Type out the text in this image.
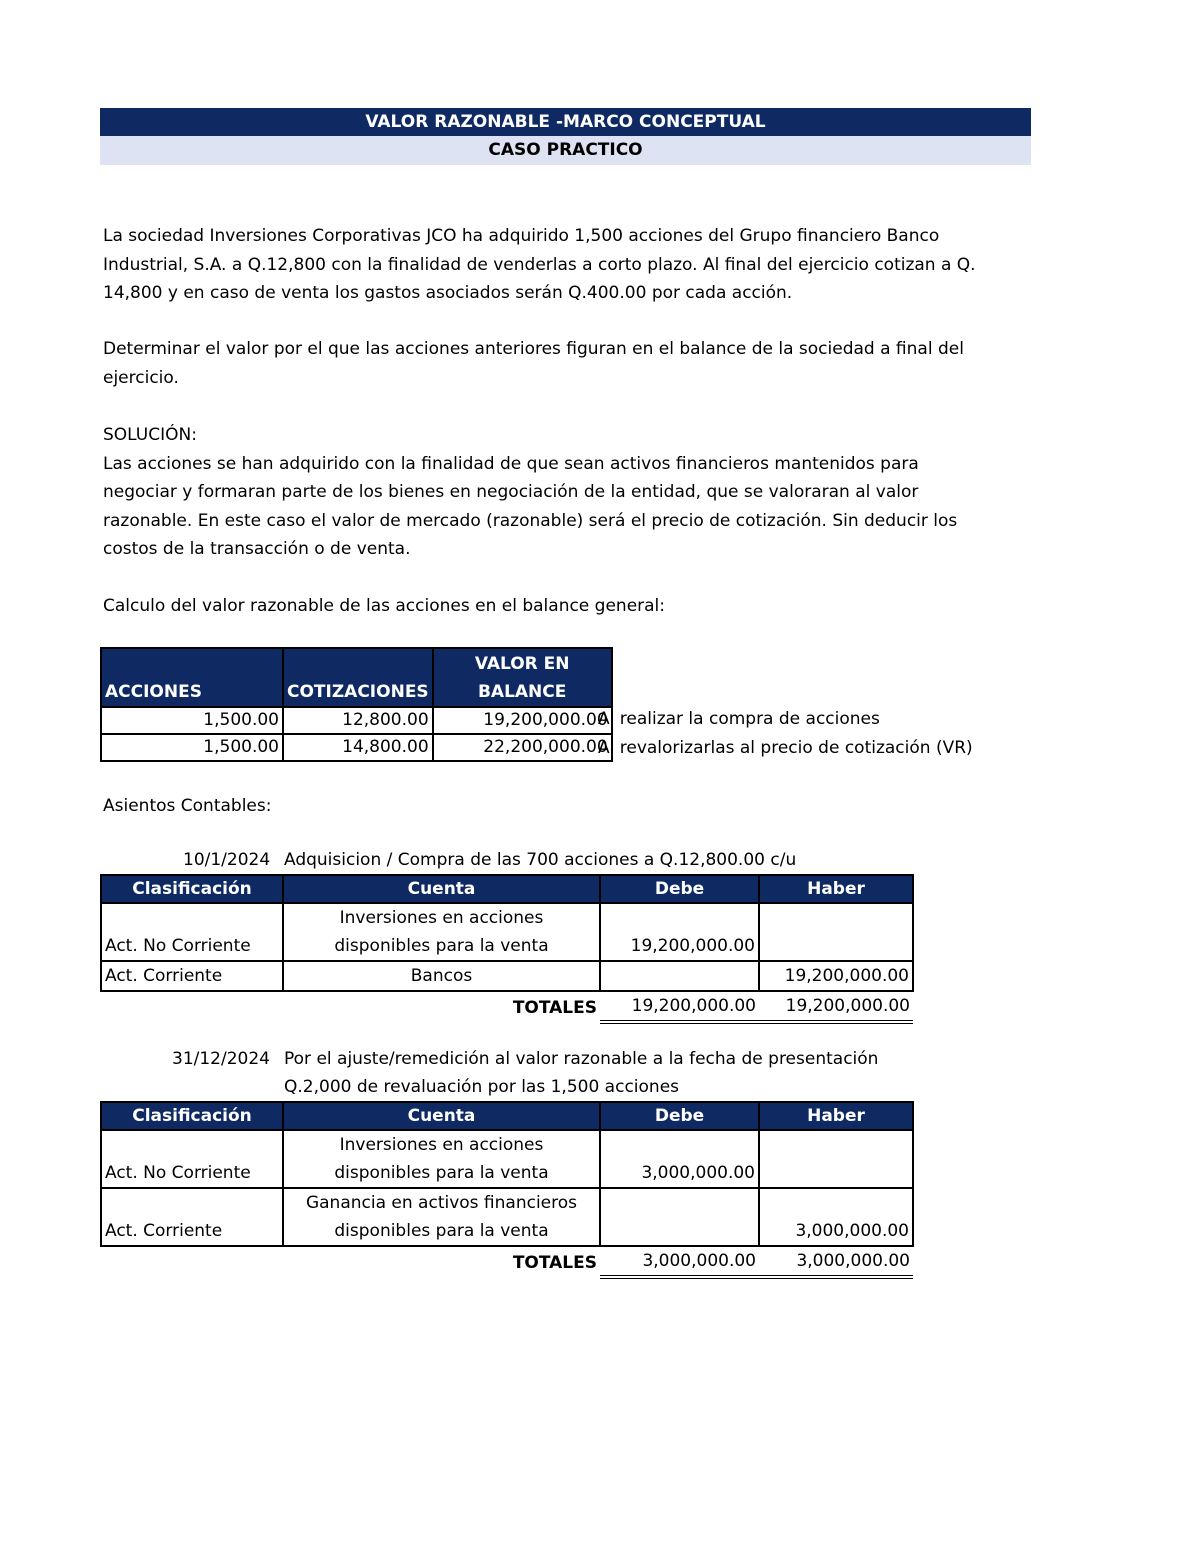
VALOR RAZONABLE -MARCO CONCEPTUAL
CASO PRACTICO
La sociedad Inversiones Corporativas JCO ha adquirido 1,500 acciones del Grupo financiero Banco
Industrial, S.A. a Q.12,800 con la finalidad de venderlas a corto plazo. Al final del ejercicio cotizan a Q.
14,800 y en caso de venta los gastos asociados serán Q.400.00 por cada acción.
Determinar el valor por el que las acciones anteriores figuran en el balance de la sociedad a final del
ejercicio.
SOLUCIÓN:
Las acciones se han adquirido con la finalidad de que sean activos financieros mantenidos para
negociar y formaran parte de los bienes en negociación de la entidad, que se valoraran al valor
razonable. En este caso el valor de mercado (razonable) será el precio de cotización. Sin deducir los
costos de la transacción o de venta.
Calculo del valor razonable de las acciones en el balance general:
ACCIONES	COTIZACIONES	VALOR EN
BALANCE

1,500.00	12,800.00	19,200,000.00
1,500.00	14,800.00	22,200,000.00
Al realizar la compra de acciones
Al revalorizarlas al precio de cotización (VR)
Asientos Contables:
10/1/2024 Adquisicion / Compra de las 700 acciones a Q.12,800.00 c/u
Clasificación	Cuenta	Debe	Haber
Act. No Corriente	Inversiones en acciones
disponibles para la venta	19,200,000.00	
Act. Corriente	Bancos		19,200,000.00
	TOTALES	19,200,000.00	19,200,000.00
31/12/2024 Por el ajuste/remedición al valor razonable a la fecha de presentación
Q.2,000 de revaluación por las 1,500 acciones
Clasificación	Cuenta	Debe	Haber
Act. No Corriente	Inversiones en acciones
disponibles para la venta	3,000,000.00	
Act. Corriente	Ganancia en activos financieros
disponibles para la venta		3,000,000.00
	TOTALES	3,000,000.00	3,000,000.00
